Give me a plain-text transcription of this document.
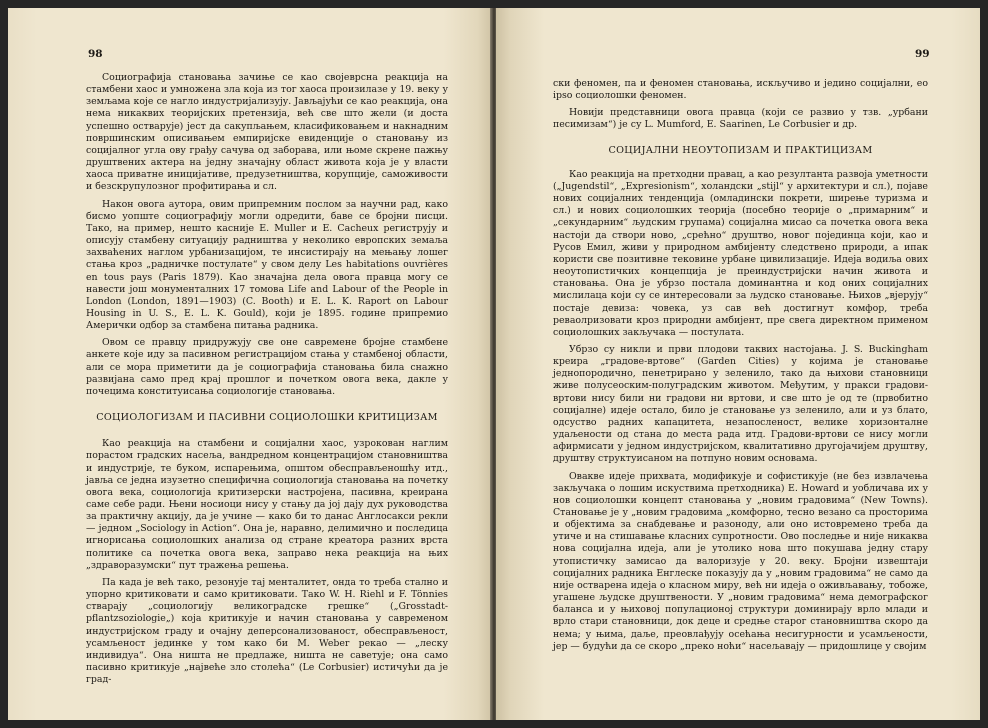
98

Социографија становања зачиње се као својеврсна реакција на стамбени хаос и умножена зла која из тог хаоса произилазе у 19. веку у земљама које се нагло индустријализују. Јављајући се као реакција, она нема никаквих теоријских претензија, већ све што жели (и доста успешно остварује) јест да сакупљањем, класификовањем и накнадним површинским описивањем емпиријске евиденције о становању из социјалног угла ову грађу сачува од заборава, или њоме скрене пажњу друштвених актера на једну значајну област живота која је у власти хаоса приватне иницијативе, предузетништва, корупције, саможивости и безскрупулозног профитирања и сл.

Након овога аутора, овим припремним послом за научни рад, како бисмо уопште социографију могли одредити, баве се бројни писци. Тако, на пример, нешто касније E. Muller и E. Cacheux региструју и описују стамбену ситуацију радништва у неколико европских земаља захваћених наглом урбанизацијом, те инсистирају на мењању лошег стања кроз „радничке постулате“ у свом делу Les habitations ouvrières en tous pays (Paris 1879). Као значајна дела овога правца могу се навести још монументалних 17 томова Life and Labour of the People in London (London, 1891—1903) (C. Booth) и E. L. K. Raport on Labour Housing in U. S., E. L. K. Gould), који је 1895. године припремио Амерички одбор за стамбена питања радника.

Овом се правцу придружују све оне савремене бројне стамбене анкете које иду за пасивном регистрацијом стања у стамбеној области, али се мора приметити да је социографија становања била снажно развијана само пред крај прошлог и почетком овога века, дакле у почецима конституисања социологије становања.

СОЦИОЛОГИЗАМ И ПАСИВНИ СОЦИОЛОШКИ КРИТИЦИЗАМ

Као реакција на стамбени и социјални хаос, узрокован наглим порастом градских насеља, вандредном концентрацијом становништва и индустрије, те буком, испарењима, општом обесправљеношћу итд., јавља се једна изузетно специфична социологија становања на почетку овога века, социологија критизерски настројена, пасивна, креирана саме себе ради. Њени носиоци нису у стању да јој дају дух руководства за практичну акцију, да је учине — како би то данас Англосакси рекли — једном „Sociology in Action“. Она је, наравно, делимично и последица игнорисања социолошких анализа од стране креатора разних врста политике са почетка овога века, заправо нека реакција на њих „здраворазумски“ пут тражења решења.

Па када је већ тако, резонује тај менталитет, онда то треба стално и упорно критиковати и само критиковати. Тако W. H. Riehl и F. Tönnies стварају „социологију великоградске грешке“ („Grosstadt-pflantzsoziologie„) која критикује и начин становања у савременом индустријском граду и очајну деперсонализованост, обесправљеност, усамљеност јединке у том како би M. Weber рекао — „леску индивидуа“. Она ништа не предлаже, ништа не саветује; она само пасивно критикује „највеће зло столећа“ (Le Corbusier) истичући да је град-

99

ски феномен, па и феномен становања, искључиво и једино социјални, ео ipso социолошки феномен.

Новији представници овога правца (који се развио у тзв. „урбани песимизам“) је су L. Mumford, E. Saarinen, Le Corbusier и др.

СОЦИЈАЛНИ НЕОУТОПИЗАМ И ПРАКТИЦИЗАМ

Као реакција на претходни правац, а као резултанта развоја уметности („Jugendstil“, „Expresionism“, холандски „stijl“ у архитектури и сл.), појаве нових социјалних тенденција (омладински покрети, ширење туризма и сл.) и нових социолошких теорија (посебно теорије о „примарним“ и „секундарним“ људским групама) социјална мисао са почетка овога века настоји да створи ново, „срећно“ друштво, новог појединца који, као и Русов Емил, живи у природном амбијенту следствено природи, а ипак користи све позитивне тековине урбане цивилизације. Идеја водиља ових неоутопистичких концепција је преиндустријски начин живота и становања. Она је убрзо постала доминантна и код оних социјалних мислилаца који су се интересовали за људско становање. Њихов „вјерују“ постаје девиза: човека, уз сав већ достигнут комфор, треба реваолризовати кроз природни амбијент, пре свега директном применом социолошких закључака — постулата.

Убрзо су никли и први плодови таквих настојања. J. S. Buckingham креира „градове-вртове“ (Garden Cities) у којима је становање једнопородично, пенетрирано у зеленило, тако да њихови становници живе полусеоским-полуградским животом. Међутим, у пракси градови-вртови нису били ни градови ни вртови, и све што је од те (првобитно социјалне) идеје остало, било је становање уз зеленило, али и уз блато, одсуство радних капацитета, незапосленост, велике хоризонталне удаљености од стана до места рада итд. Градови-вртови се нису могли афирмисати у једном индустријском, квалитативно другојачијем друштву, друштву структуисаном на потпуно новим основама.

Овакве идеје прихвата, модификује и софистикује (не без извлачења закључака о лошим искуствима претходника) E. Howard и уобличава их у нов социолошки концепт становања у „новим градовима“ (New Towns). Становање је у „новим градовима „комфорно, тесно везано са просторима и објектима за снабдевање и разоноду, али оно истовремено треба да утиче и на стишавање класних супротности. Ово последње и није никаква нова социјална идеја, али је утолико нова што покушава једну стару утопистичку замисао да валоризује у 20. веку. Бројни извештаји социјалних радника Енглеске показују да у „новим градовима“ не само да није остварена идеја о класном миру, већ ни идеја о оживљавању, тобоже, угашене људске друштвености. У „новим градовима“ нема демографског баланса и у њиховој популационој структури доминирају врло млади и врло стари становници, док деце и средње старог становништва скоро да нема; у њима, даље, преовлађују осећања несигурности и усамљености, јер — будући да се скоро „преко ноћи“ насељавају — придошлице у својим
